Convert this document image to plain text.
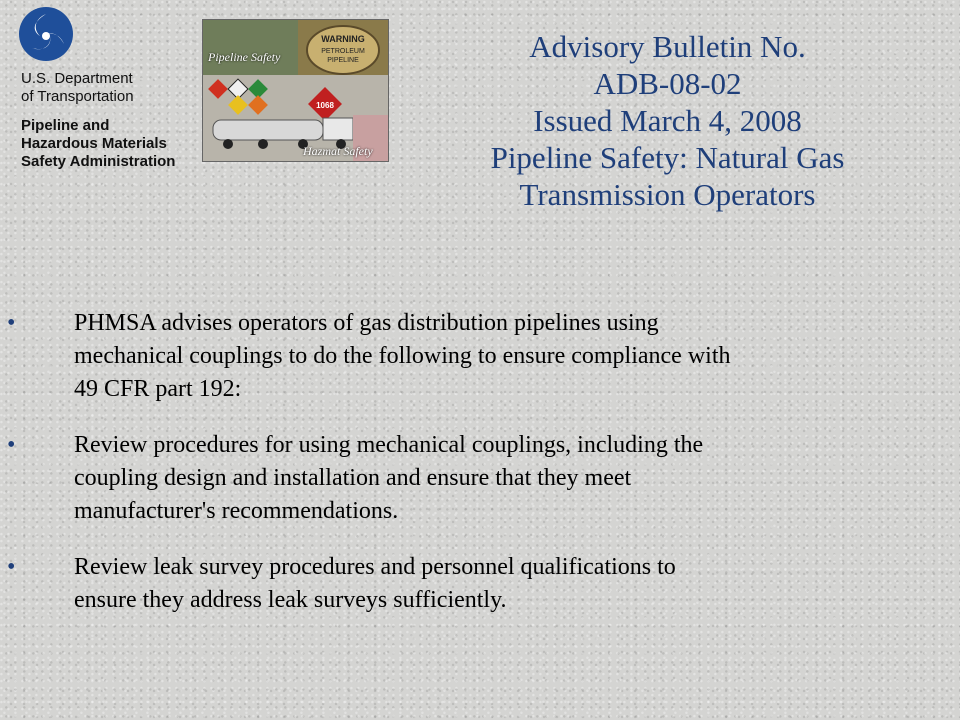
U.S. Department
of Transportation
Pipeline and
Hazardous Materials
Safety Administration
WARNING
PETROLEUM
PIPELINE
1068
Pipeline Safety
Hazmat Safety
Advisory Bulletin No.
ADB-08-02
Issued March 4, 2008
Pipeline Safety: Natural Gas
Transmission Operators
• PHMSA advises operators of gas distribution pipelines using
mechanical couplings to do the following to ensure compliance with
49 CFR part 192:
• Review procedures for using mechanical couplings, including the
coupling design and installation and ensure that they meet
manufacturer's recommendations.
• Review leak survey procedures and personnel qualifications to
ensure they address leak surveys sufficiently.
